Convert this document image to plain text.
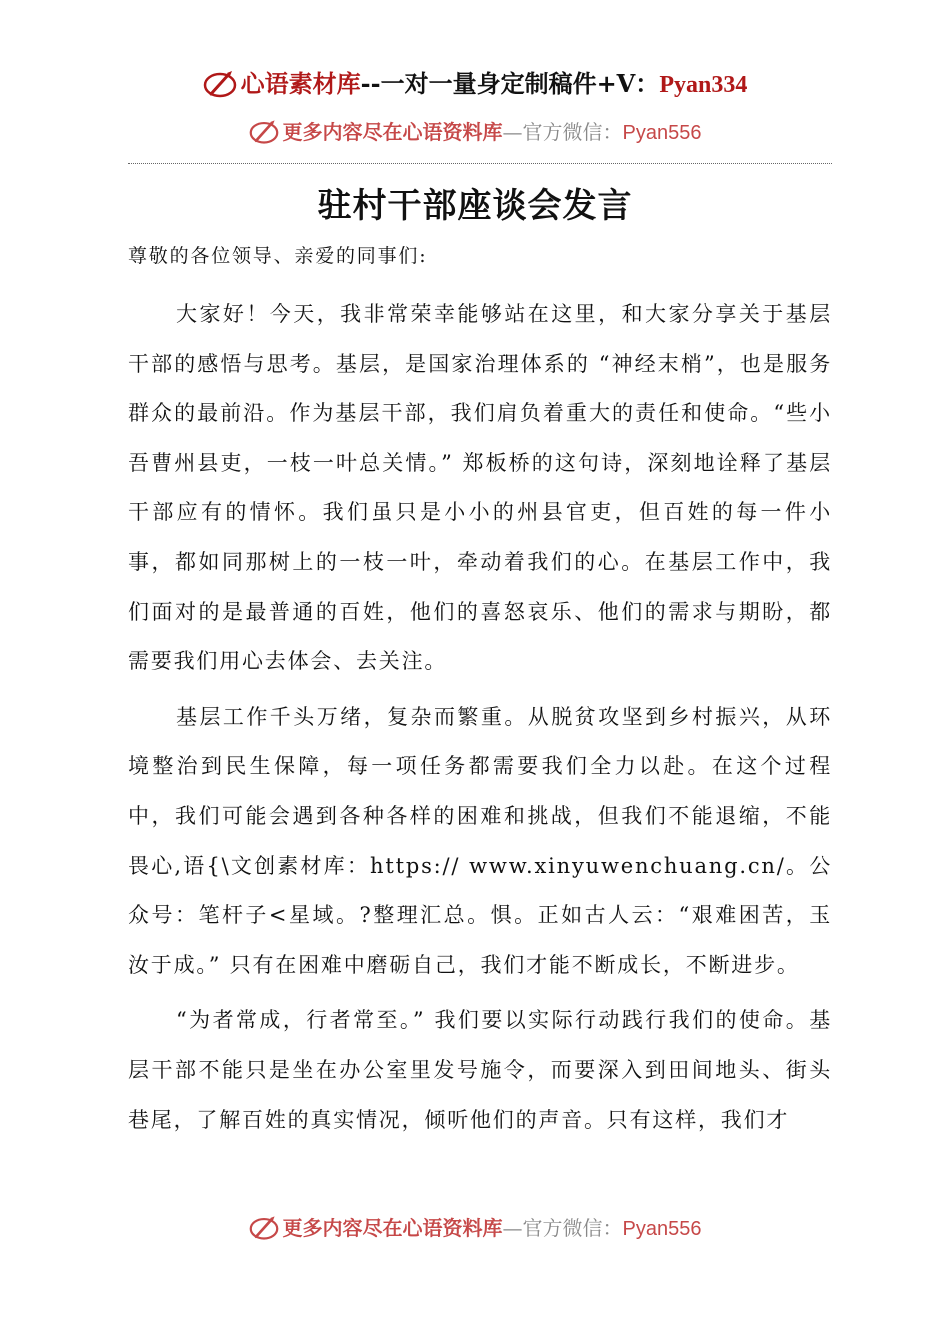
心语素材库--一对一量身定制稿件+V：Pyan334
更多内容尽在心语资料库—官方微信：Pyan556
驻村干部座谈会发言

尊敬的各位领导、亲爱的同事们:

大家好！今天，我非常荣幸能够站在这里，和大家分享关于基层干部的感悟与思考。基层，是国家治理体系的 “神经末梢”，也是服务群众的最前沿。作为基层干部，我们肩负着重大的责任和使命。“些小吾曹州县吏，一枝一叶总关情。” 郑板桥的这句诗，深刻地诠释了基层干部应有的情怀。我们虽只是小小的州县官吏，但百姓的每一件小事，都如同那树上的一枝一叶，牵动着我们的心。在基层工作中，我们面对的是最普通的百姓，他们的喜怒哀乐、他们的需求与期盼，都需要我们用心去体会、去关注。

基层工作千头万绪，复杂而繁重。从脱贫攻坚到乡村振兴，从环境整治到民生保障，每一项任务都需要我们全力以赴。在这个过程中，我们可能会遇到各种各样的困难和挑战，但我们不能退缩，不能畏心,语{\文创素材库：https:// www.xinyuwenchuang.cn/。公众号：笔杆子<星域。?整理汇总。惧。正如古人云：“艰难困苦，玉汝于成。” 只有在困难中磨砺自己，我们才能不断成长，不断进步。

“为者常成，行者常至。” 我们要以实际行动践行我们的使命。基层干部不能只是坐在办公室里发号施令，而要深入到田间地头、街头巷尾，了解百姓的真实情况，倾听他们的声音。只有这样，我们才

更多内容尽在心语资料库—官方微信：Pyan556
